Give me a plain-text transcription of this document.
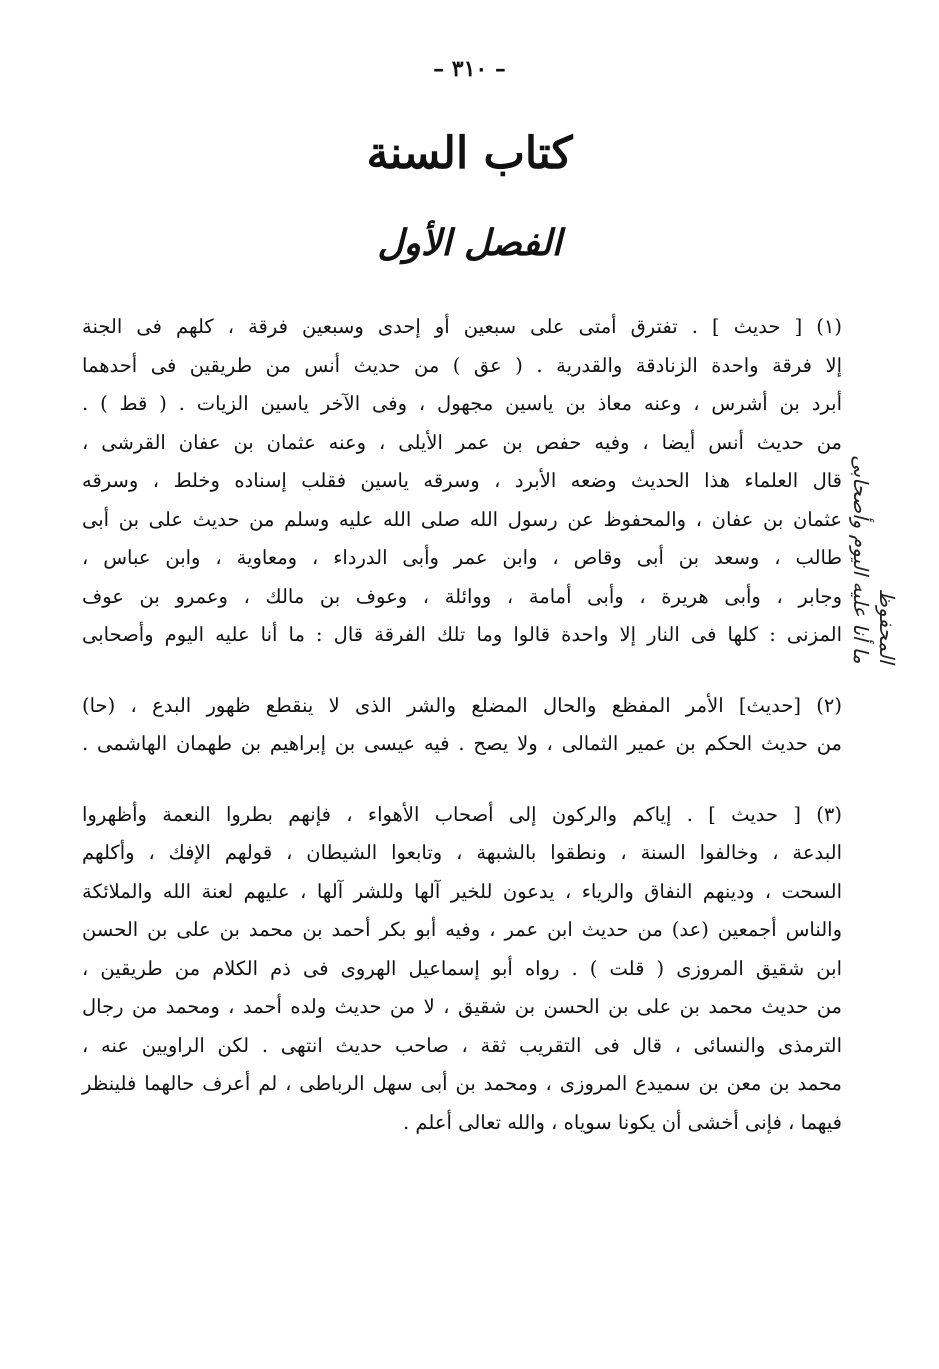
– ٣١٠ –
كتاب السنة
الفصل الأول
(١) [ حديث ] . تفترق أمتى على سبعين أو إحدى وسبعين فرقة ، كلهم فى الجنة
إلا فرقة واحدة الزنادقة والقدرية . ( عق ) من حديث أنس من طريقين فى أحدهما
أبرد بن أشرس ، وعنه معاذ بن ياسين مجهول ، وفى الآخر ياسين الزيات . ( قط ) .
من حديث أنس أيضا ، وفيه حفص بن عمر الأيلى ، وعنه عثمان بن عفان القرشى ،
قال العلماء هذا الحديث وضعه الأبرد ، وسرقه ياسين فقلب إسناده وخلط ، وسرقه
عثمان بن عفان ، والمحفوظ عن رسول الله صلى الله عليه وسلم من حديث على بن أبى
طالب ، وسعد بن أبى وقاص ، وابن عمر وأبى الدرداء ، ومعاوية ، وابن عباس ،
وجابر ، وأبى هريرة ، وأبى أمامة ، ووائلة ، وعوف بن مالك ، وعمرو بن عوف
المزنى : كلها فى النار إلا واحدة قالوا وما تلك الفرقة قال : ما أنا عليه اليوم وأصحابى
(٢) [حديث] الأمر المفظع والحال المضلع والشر الذى لا ينقطع ظهور البدع ، (حا)
من حديث الحكم بن عمير الثمالى ، ولا يصح . فيه عيسى بن إبراهيم بن طهمان الهاشمى .
(٣) [ حديث ] . إياكم والركون إلى أصحاب الأهواء ، فإنهم بطروا النعمة وأظهروا
البدعة ، وخالفوا السنة ، ونطقوا بالشبهة ، وتابعوا الشيطان ، قولهم الإفك ، وأكلهم
السحت ، ودينهم النفاق والرياء ، يدعون للخير آلها وللشر آلها ، عليهم لعنة الله والملائكة
والناس أجمعين (عد) من حديث ابن عمر ، وفيه أبو بكر أحمد بن محمد بن على بن الحسن
ابن شقيق المروزى ( قلت ) . رواه أبو إسماعيل الهروى فى ذم الكلام من طريقين ،
من حديث محمد بن على بن الحسن بن شقيق ، لا من حديث ولده أحمد ، ومحمد من رجال
الترمذى والنسائى ، قال فى التقريب ثقة ، صاحب حديث انتهى . لكن الراويين عنه ،
محمد بن معن بن سميدع المروزى ، ومحمد بن أبى سهل الرباطى ، لم أعرف حالهما فلينظر
فيهما ، فإنى أخشى أن يكونا سوياه ، والله تعالى أعلم .
المحفوظ
ما أنا عليه اليوم وأصحابى
